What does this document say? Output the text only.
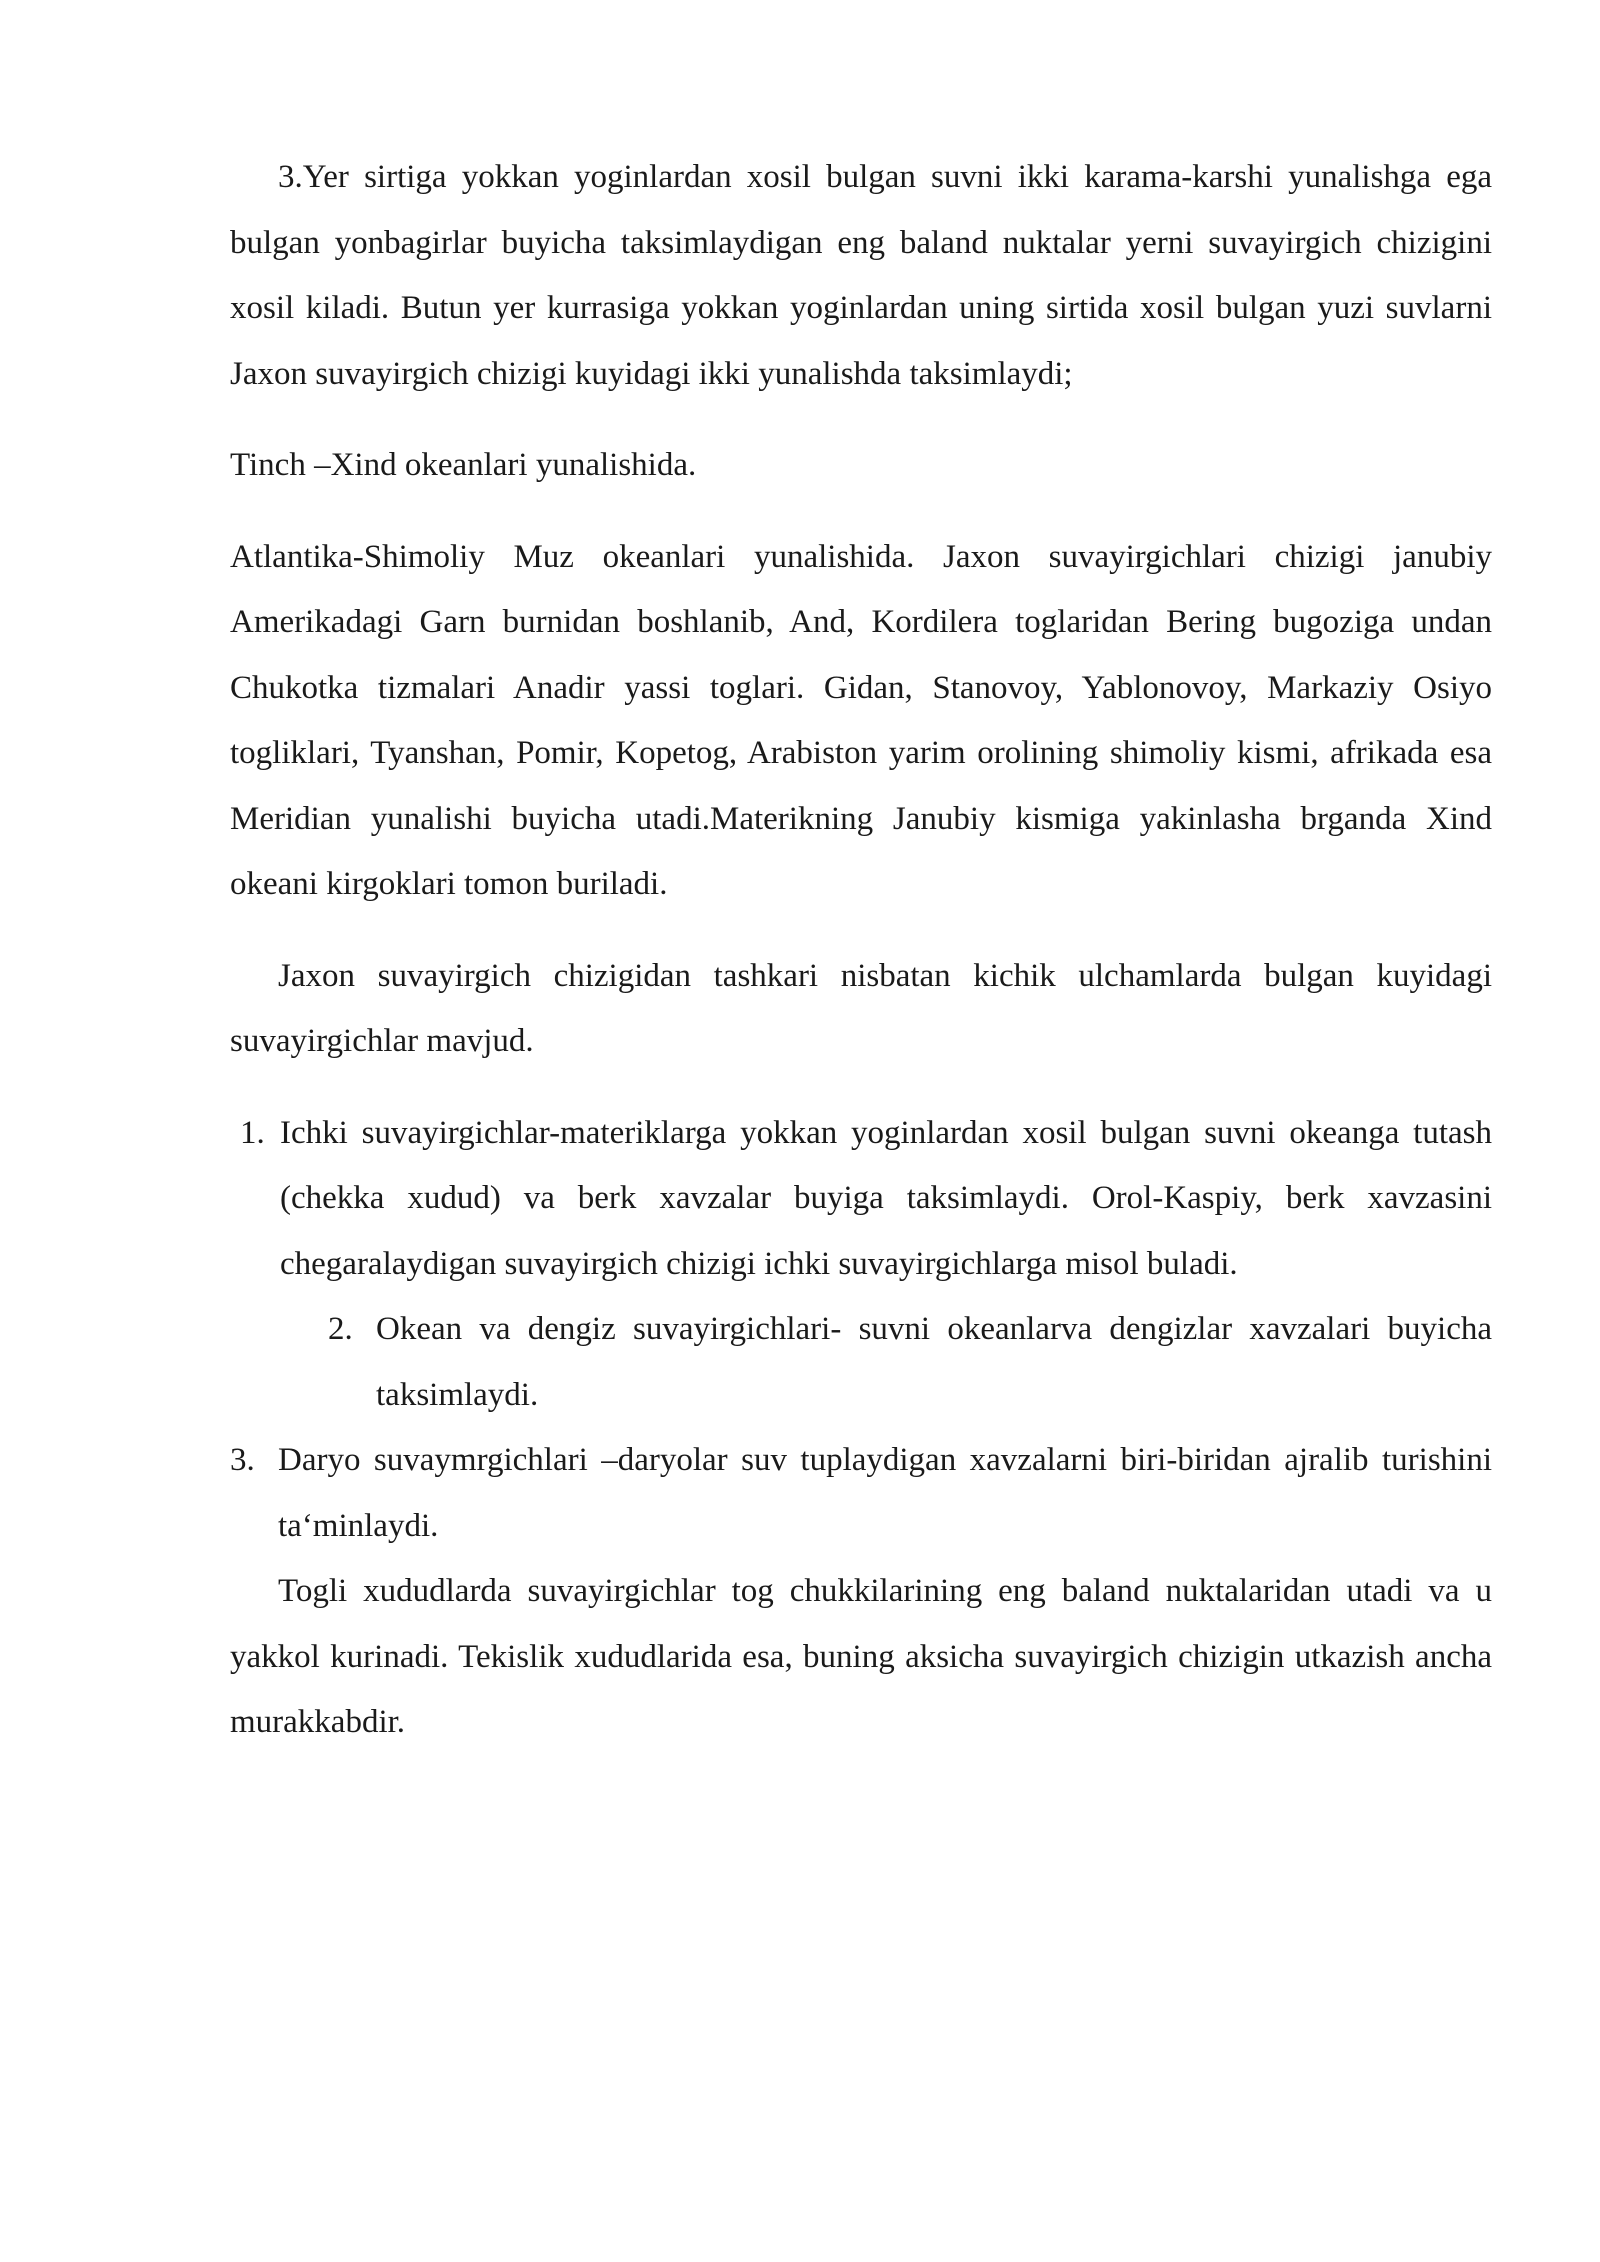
3.Yer sirtiga yokkan yoginlardan xosil bulgan suvni ikki karama-karshi yunalishga ega bulgan yonbagirlar buyicha taksimlaydigan eng baland nuktalar yerni suvayirgich chizigini xosil kiladi. Butun yer kurrasiga yokkan yoginlardan uning sirtida xosil bulgan yuzi suvlarni Jaxon suvayirgich chizigi kuyidagi ikki yunalishda taksimlaydi;

Tinch –Xind okeanlari yunalishida.

Atlantika-Shimoliy Muz okeanlari yunalishida. Jaxon suvayirgichlari chizigi janubiy Amerikadagi Garn burnidan boshlanib, And, Kordilera toglaridan Bering bugoziga undan Chukotka tizmalari Anadir yassi toglari. Gidan, Stanovoy, Yablonovoy, Markaziy Osiyo togliklari, Tyanshan, Pomir, Kopetog, Arabiston yarim orolining shimoliy kismi, afrikada esa Meridian yunalishi buyicha utadi.Materikning Janubiy kismiga yakinlasha brganda Xind okeani kirgoklari tomon buriladi.

Jaxon suvayirgich chizigidan tashkari nisbatan kichik ulchamlarda bulgan kuyidagi suvayirgichlar mavjud.

1. Ichki suvayirgichlar-materiklarga yokkan yoginlardan xosil bulgan suvni okeanga tutash (chekka xudud) va berk xavzalar buyiga taksimlaydi. Orol-Kaspiy, berk xavzasini chegaralaydigan suvayirgich chizigi ichki suvayirgichlarga misol buladi.
2. Okean va dengiz suvayirgichlari- suvni okeanlarva dengizlar xavzalari buyicha taksimlaydi.
3. Daryo suvaymrgichlari –daryolar suv tuplaydigan xavzalarni biri-biridan ajralib turishini ta‘minlaydi.

Togli xududlarda suvayirgichlar tog chukkilarining eng baland nuktalaridan utadi va u yakkol kurinadi. Tekislik xududlarida esa, buning aksicha suvayirgich chizigin utkazish ancha murakkabdir.
